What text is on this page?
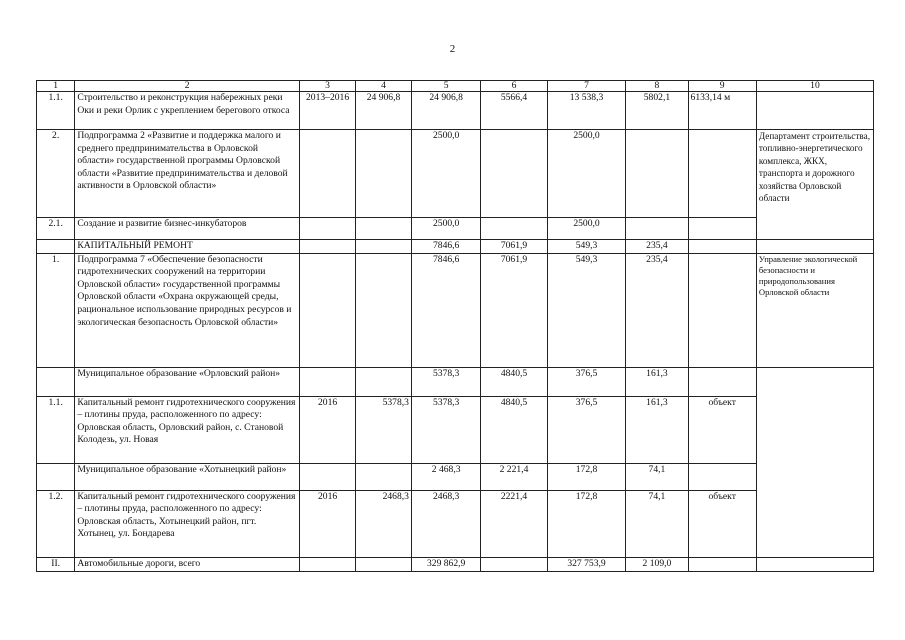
2
1	2	3	4	5	6	7	8	9	10
1.1.	Строительство и реконструкция набережных реки Оки и реки Орлик с укреплением берегового откоса	2013–2016	24 906,8	24 906,8	5566,4	13 538,3	5802,1	6133,14 м	
2.	Подпрограмма 2 «Развитие и поддержка малого и среднего предпринимательства в Орловской области» государственной программы Орловской области «Развитие предпринимательства и деловой активности в Орловской области»			2500,0		2500,0			Департамент строительства, топливно-энергетического комплекса, ЖКХ, транспорта и дорожного хозяйства Орловской области
2.1.	Создание и развитие бизнес-инкубаторов			2500,0		2500,0			
	КАПИТАЛЬНЫЙ РЕМОНТ			7846,6	7061,9	549,3	235,4		
1.	Подпрограмма 7 «Обеспечение безопасности гидротехнических сооружений на территории Орловской области» государственной программы Орловской области «Охрана окружающей среды, рациональное использование природных ресурсов и экологическая безопасность Орловской области»			7846,6	7061,9	549,3	235,4		Управление экологической безопасности и природопользования Орловской области
	Муниципальное образование «Орловский район»			5378,3	4840,5	376,5	161,3		
1.1.	Капитальный ремонт гидротехнического сооружения – плотины пруда, расположенного по адресу: Орловская область, Орловский район, с. Становой Колодезь, ул. Новая	2016	5378,3	5378,3	4840,5	376,5	161,3	объект	
	Муниципальное образование «Хотынецкий район»			2 468,3	2 221,4	172,8	74,1		
1.2.	Капитальный ремонт гидротехнического сооружения – плотины пруда, расположенного по адресу: Орловская область, Хотынецкий район, пгт. Хотынец, ул. Бондарева	2016	2468,3	2468,3	2221,4	172,8	74,1	объект	
II.	Автомобильные дороги, всего			329 862,9		327 753,9	2 109,0		
